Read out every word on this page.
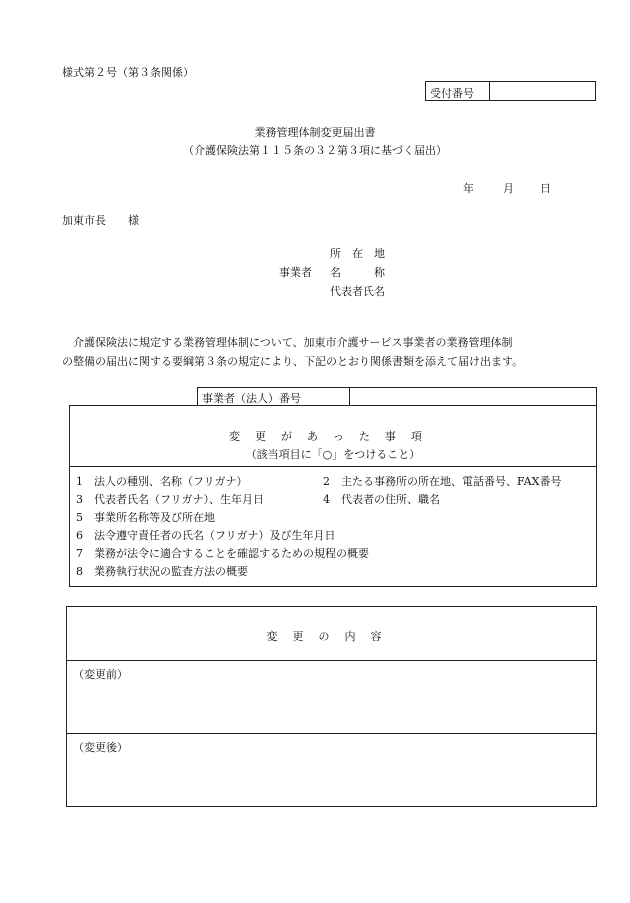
様式第２号（第３条関係）
受付番号
業務管理体制変更届出書
（介護保険法第１１５条の３２第３項に基づく届出）
年	月 日
加東市長　　様
所　在　地
事業者 名　　　称
代表者氏名
　介護保険法に規定する業務管理体制について、加東市介護サービス事業者の業務管理体制
の整備の届出に関する要綱第３条の規定により、下記のとおり関係書類を添えて届け出ます。
事業者（法人）番号
変更があった事項
（該当項目に「○」をつけること）
1　法人の種別、名称（フリガナ）	2　主たる事務所の所在地、電話番号、FAX番号
3　代表者氏名（フリガナ）、生年月日	4　代表者の住所、職名
5　事業所名称等及び所在地
6　法令遵守責任者の氏名（フリガナ）及び生年月日
7　業務が法令に適合することを確認するための規程の概要
8　業務執行状況の監査方法の概要
変更の内容
（変更前）
（変更後）
